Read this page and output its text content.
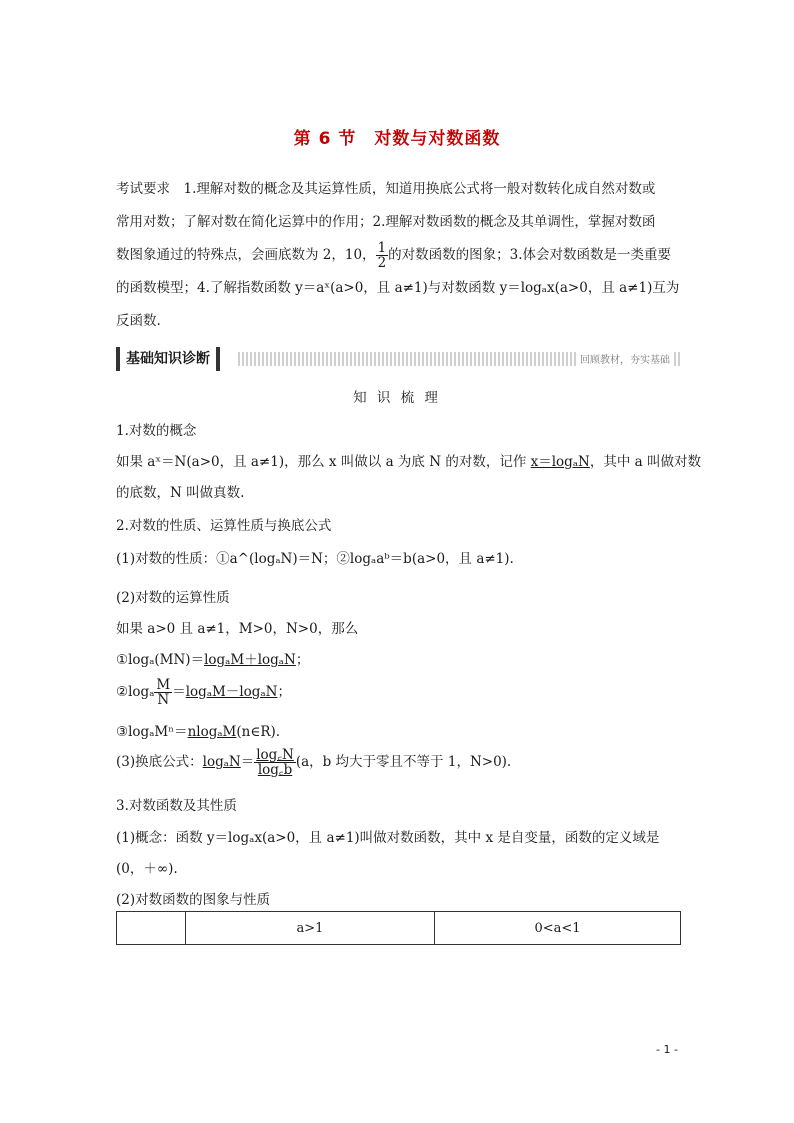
第 6 节　对数与对数函数
考试要求　 1.理解对数的概念及其运算性质，知道用换底公式将一般对数转化成自然对数或
常用对数；了解对数在简化运算中的作用；2.理解对数函数的概念及其单调性，掌握对数函
数图象通过的特殊点，会画底数为 2，10， $\frac{1}{2}$ 的对数函数的图象；3.体会对数函数是一类重要
的函数模型；4.了解指数函数 y＝aˣ(a>0，且 a≠1)与对数函数 y＝logₐx(a>0，且 a≠1)互为
反函数.
基础知识诊断	回顾教材，夯实基础
知 识 梳 理
1.对数的概念
如果 aˣ＝N(a>0，且 a≠1)，那么 x 叫做以 a 为底 N 的对数，记作 x＝logₐN，其中 a 叫做对数
的底数，N 叫做真数.
2.对数的性质、运算性质与换底公式
(1)对数的性质：①a^(logₐN)＝N；②logₐaᵇ＝b(a>0，且 a≠1).
(2)对数的运算性质
如果 a>0 且 a≠1，M>0，N>0，那么
①logₐ(MN)＝logₐM＋logₐN；
②logₐ $\frac{M}{N} =\log_aM-\log_aN$；
③logₐMⁿ＝nlogₐM(n∈R).
(3)换底公式：$\log_aN= \frac{\log꜀N}{\log꜀b} (a$，b 均大于零且不等于 1，N>0).
3.对数函数及其性质
(1)概念：函数 y＝logₐx(a>0，且 a≠1)叫做对数函数，其中 x 是自变量，函数的定义域是
(0，＋∞).
(2)对数函数的图象与性质
	a>1	0<a<1
- 1 -
